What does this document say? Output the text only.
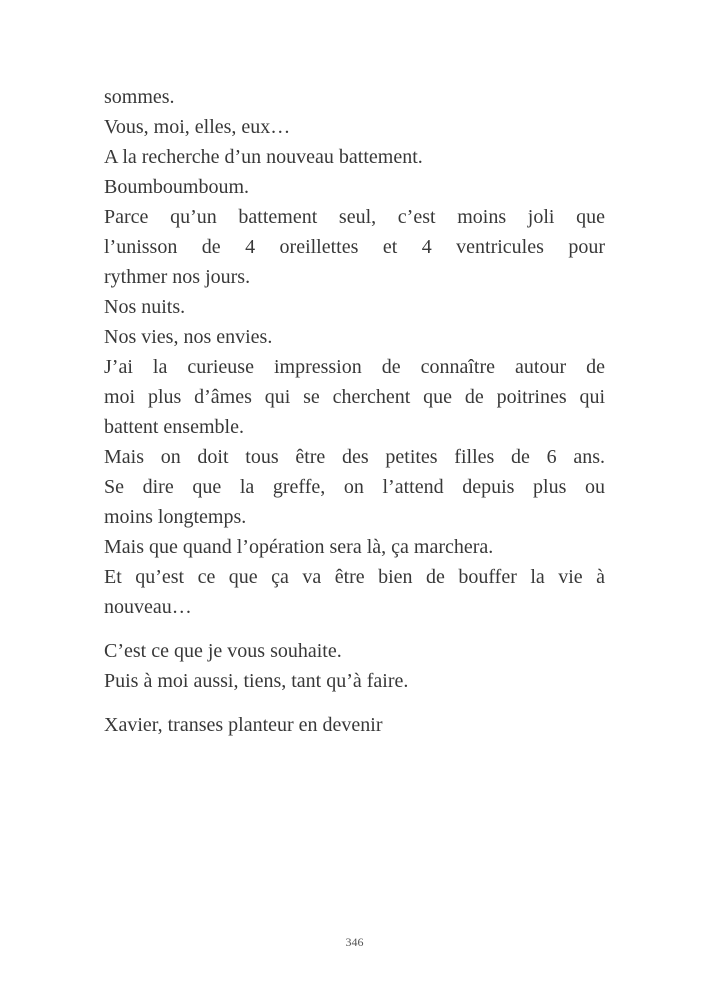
sommes.
Vous, moi, elles, eux…
A la recherche d’un nouveau battement.
Boumboumboum.
Parce qu’un battement seul, c’est moins joli que
l’unisson de 4 oreillettes et 4 ventricules pour
rythmer nos jours.
Nos nuits.
Nos vies, nos envies.
J’ai la curieuse impression de connaître autour de
moi plus d’âmes qui se cherchent que de poitrines qui
battent ensemble.
Mais on doit tous être des petites filles de 6 ans.
Se dire que la greffe, on l’attend depuis plus ou
moins longtemps.
Mais que quand l’opération sera là, ça marchera.
Et qu’est ce que ça va être bien de bouffer la vie à
nouveau…
C’est ce que je vous souhaite.
Puis à moi aussi, tiens, tant qu’à faire.
Xavier, transes planteur en devenir
346
